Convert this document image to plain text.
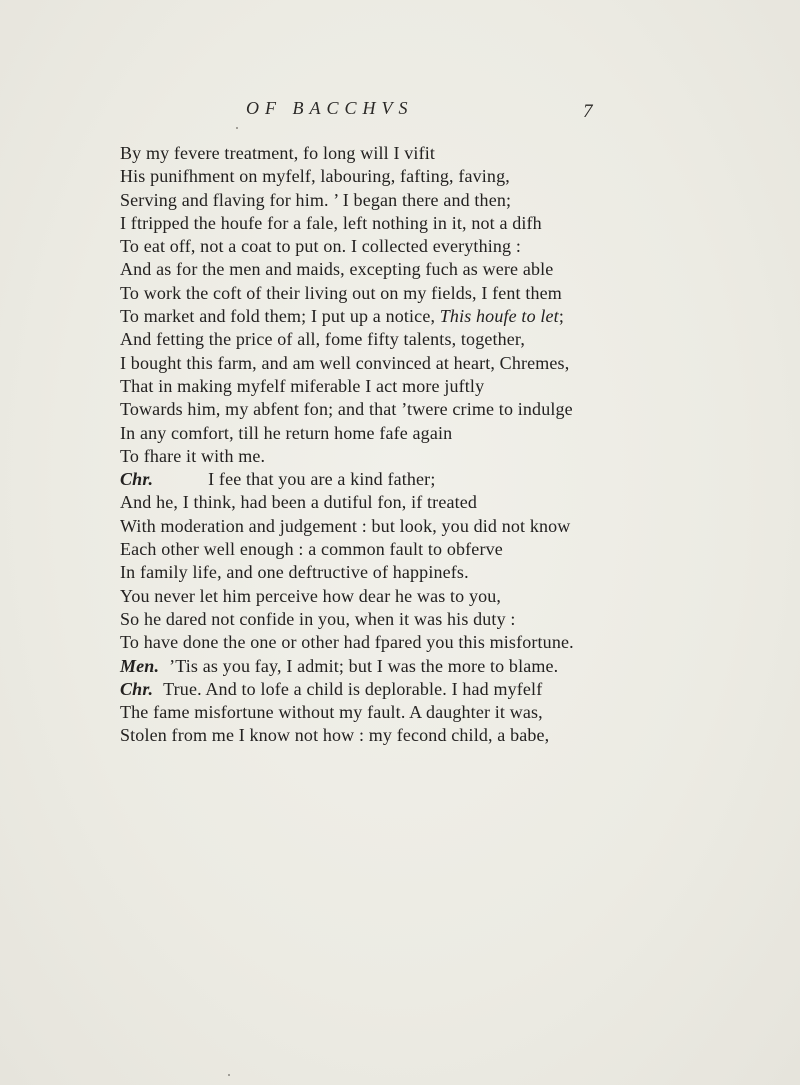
OF BACCHVS	7
By my fevere treatment, fo long will I vifit
His punifhment on myfelf, labouring, fafting, faving,
Serving and flaving for him. ’ I began there and then;
I ftripped the houfe for a fale, left nothing in it, not a difh
To eat off, not a coat to put on. I collected everything :
And as for the men and maids, excepting fuch as were able
To work the coft of their living out on my fields, I fent them
To market and fold them; I put up a notice, This houfe to let;
And fetting the price of all, fome fifty talents, together,
I bought this farm, and am well convinced at heart, Chremes,
That in making myfelf miferable I act more juftly
Towards him, my abfent fon; and that ’twere crime to indulge
In any comfort, till he return home fafe again
To fhare it with me.
Chr.	I fee that you are a kind father;
And he, I think, had been a dutiful fon, if treated
With moderation and judgement : but look, you did not know
Each other well enough : a common fault to obferve
In family life, and one deftructive of happinefs.
You never let him perceive how dear he was to you,
So he dared not confide in you, when it was his duty :
To have done the one or other had fpared you this misfortune.
Men. ’Tis as you fay, I admit; but I was the more to blame.
Chr. True. And to lofe a child is deplorable. I had myfelf
The fame misfortune without my fault. A daughter it was,
Stolen from me I know not how : my fecond child, a babe,
